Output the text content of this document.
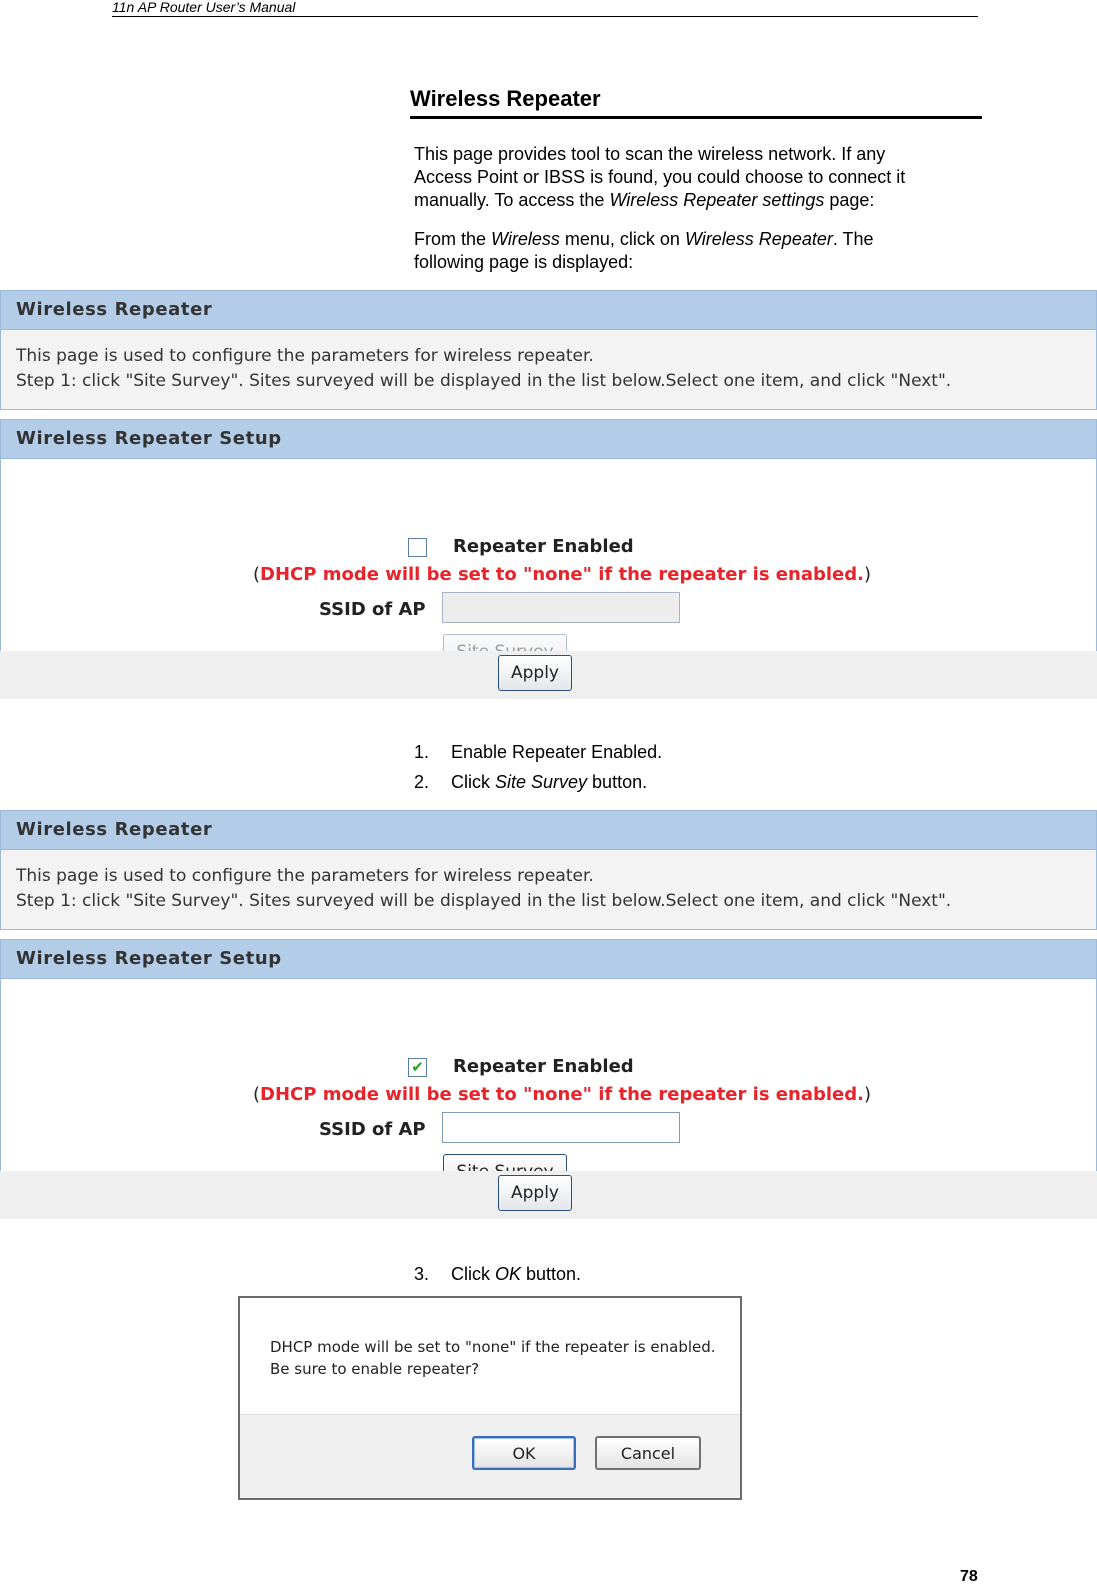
11n AP Router User’s Manual
Wireless Repeater
This page provides tool to scan the wireless network. If any
Access Point or IBSS is found, you could choose to connect it
manually. To access the Wireless Repeater settings page:
From the Wireless menu, click on Wireless Repeater. The
following page is displayed:
Wireless Repeater
This page is used to configure the parameters for wireless repeater.
Step 1: click "Site Survey". Sites surveyed will be displayed in the list below.Select one item, and click "Next".
Wireless Repeater Setup
Repeater Enabled
(DHCP mode will be set to "none" if the repeater is enabled.)
SSID of AP
Apply
1. Enable Repeater Enabled.
2. Click Site Survey button.
Wireless Repeater
This page is used to configure the parameters for wireless repeater.
Step 1: click "Site Survey". Sites surveyed will be displayed in the list below.Select one item, and click "Next".
Wireless Repeater Setup
✔ Repeater Enabled
(DHCP mode will be set to "none" if the repeater is enabled.)
SSID of AP
Apply
3. Click OK button.
DHCP mode will be set to "none" if the repeater is enabled.
Be sure to enable repeater?
OK	Cancel
78
